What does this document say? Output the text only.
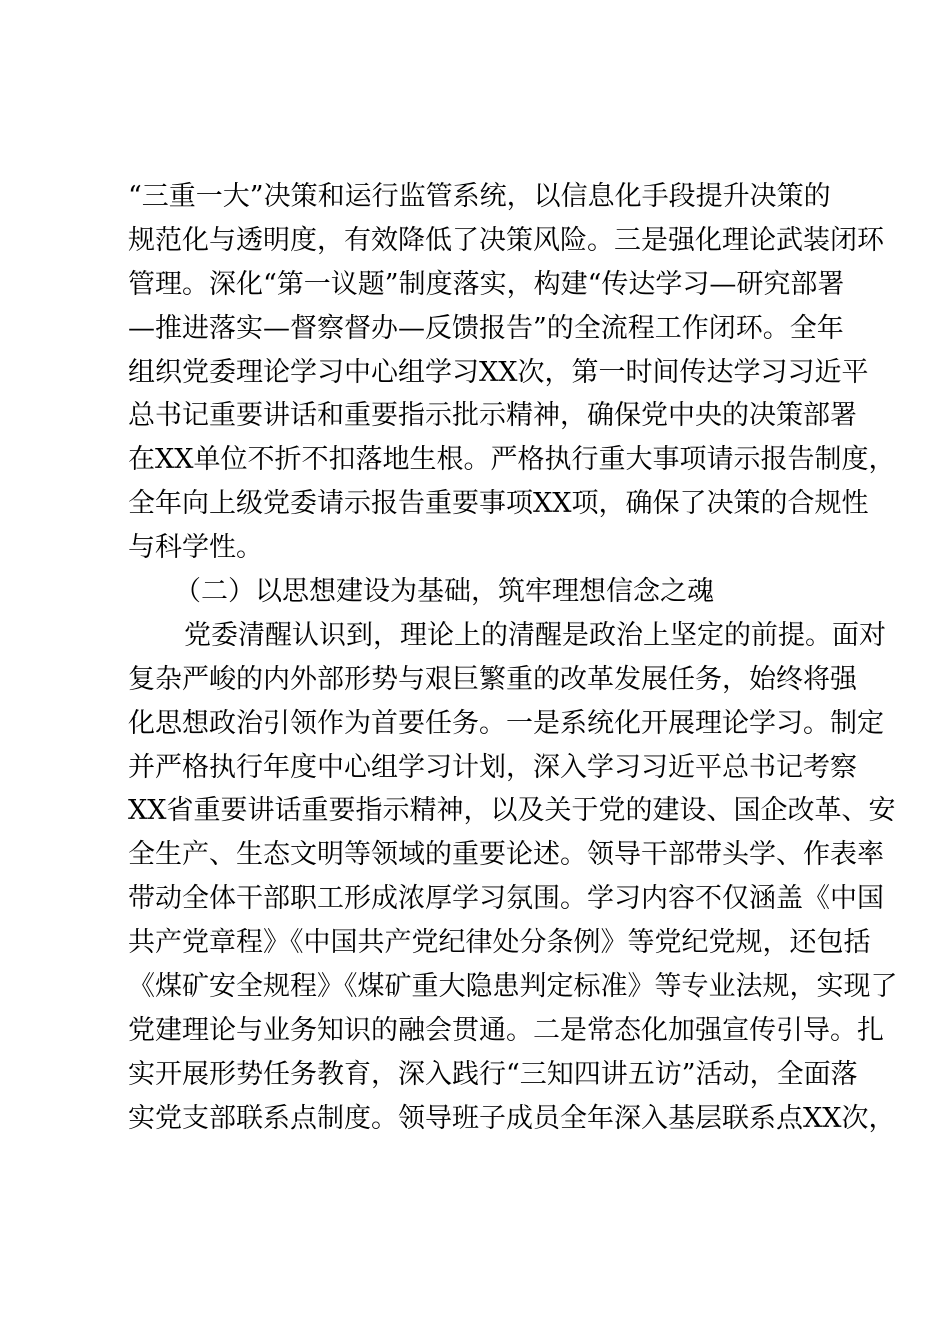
“三重一大”决策和运行监管系统，以信息化手段提升决策的
规范化与透明度，有效降低了决策风险。三是强化理论武装闭环
管理。深化“第一议题”制度落实，构建“传达学习—研究部署
—推进落实—督察督办—反馈报告”的全流程工作闭环。全年
组织党委理论学习中心组学习XX次，第一时间传达学习习近平
总书记重要讲话和重要指示批示精神，确保党中央的决策部署
在XX单位不折不扣落地生根。严格执行重大事项请示报告制度，
全年向上级党委请示报告重要事项XX项，确保了决策的合规性
与科学性。
（二）以思想建设为基础，筑牢理想信念之魂
党委清醒认识到，理论上的清醒是政治上坚定的前提。面对
复杂严峻的内外部形势与艰巨繁重的改革发展任务，始终将强
化思想政治引领作为首要任务。一是系统化开展理论学习。制定
并严格执行年度中心组学习计划，深入学习习近平总书记考察
XX省重要讲话重要指示精神，以及关于党的建设、国企改革、安
全生产、生态文明等领域的重要论述。领导干部带头学、作表率
带动全体干部职工形成浓厚学习氛围。学习内容不仅涵盖《中国
共产党章程》《中国共产党纪律处分条例》等党纪党规，还包括
《煤矿安全规程》《煤矿重大隐患判定标准》等专业法规，实现了
党建理论与业务知识的融会贯通。二是常态化加强宣传引导。扎
实开展形势任务教育，深入践行“三知四讲五访”活动，全面落
实党支部联系点制度。领导班子成员全年深入基层联系点XX次，
